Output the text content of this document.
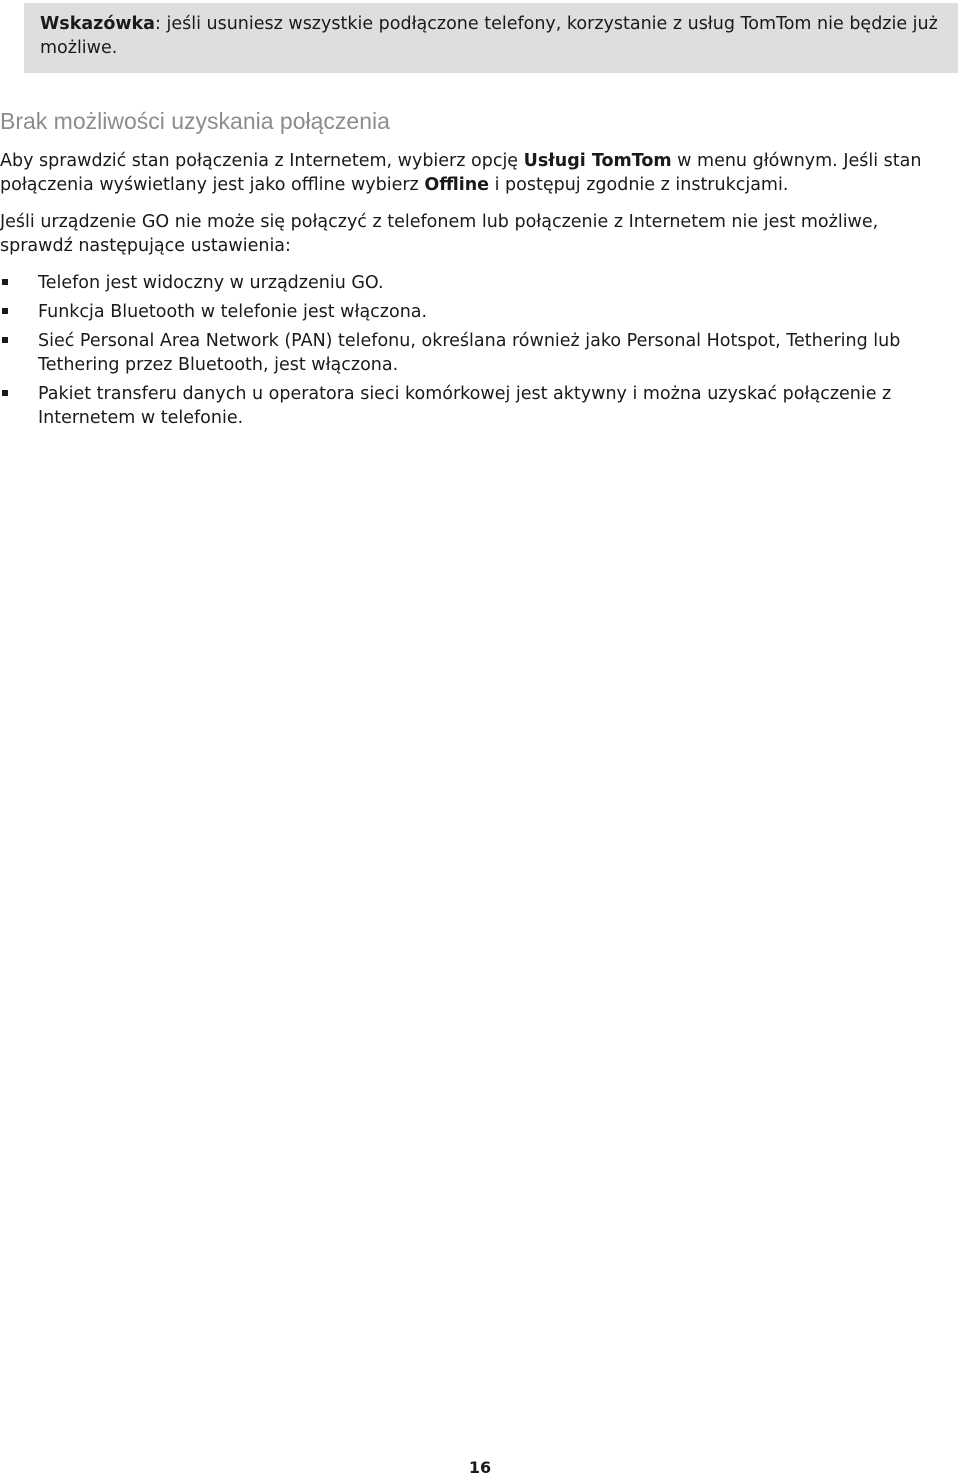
Wskazówka: jeśli usuniesz wszystkie podłączone telefony, korzystanie z usług TomTom nie będzie już możliwe.
Brak możliwości uzyskania połączenia

Aby sprawdzić stan połączenia z Internetem, wybierz opcję Usługi TomTom w menu głównym. Jeśli stan połączenia wyświetlany jest jako offline wybierz Offline i postępuj zgodnie z instrukcjami.

Jeśli urządzenie GO nie może się połączyć z telefonem lub połączenie z Internetem nie jest możliwe, sprawdź następujące ustawienia:

Telefon jest widoczny w urządzeniu GO.
Funkcja Bluetooth w telefonie jest włączona.
Sieć Personal Area Network (PAN) telefonu, określana również jako Personal Hotspot, Tethering lub Tethering przez Bluetooth, jest włączona.
Pakiet transferu danych u operatora sieci komórkowej jest aktywny i można uzyskać połączenie z Internetem w telefonie.
16
